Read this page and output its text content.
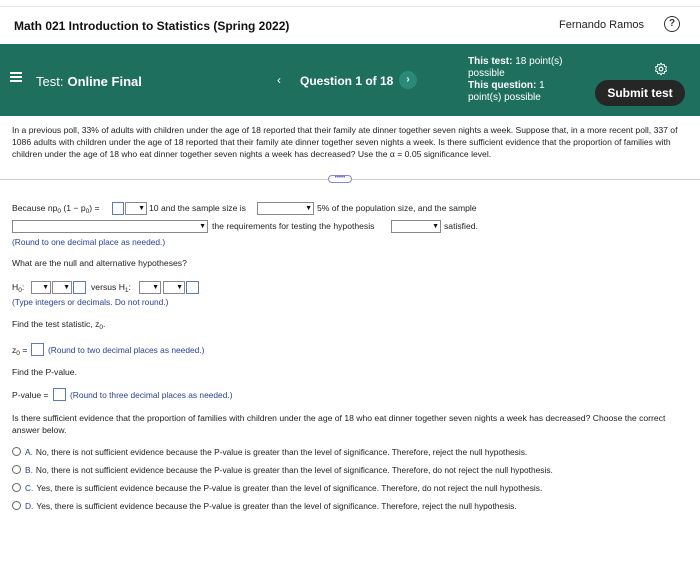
Math 021 Introduction to Statistics (Spring 2022)	Fernando Ramos	?
Test: Online Final	‹ Question 1 of 18	›
This test: 18 point(s)
possible
This question: 1
point(s) possible	Submit test
In a previous poll, 33% of adults with children under the age of 18 reported that their family ate dinner together seven nights a week. Suppose that, in a more recent poll, 337 of 1086 adults with children under the age of 18 reported that their family ate dinner together seven nights a week. Is there sufficient evidence that the proportion of families with children under the age of 18 who eat dinner together seven nights a week has decreased? Use the α = 0.05 significance level.
•••••
Because $np_0$ $(1 - p_0)$ =	▼ 10 and the sample size is	▼ 5% of the population size, and the sample
▼ the requirements for testing the hypothesis	▼ satisfied.
(Round to one decimal place as needed.)
What are the null and alternative hypotheses?
$H_0$:	▼ ▼ versus $H_1$:	▼ ▼
(Type integers or decimals. Do not round.)
Find the test statistic, $z_0$.
$z_0$ = (Round to two decimal places as needed.)
Find the P-value.
P-value =	(Round to three decimal places as needed.)
Is there sufficient evidence that the proportion of families with children under the age of 18 who eat dinner together seven nights a week has decreased? Choose the correct answer below.
A. No, there is not sufficient evidence because the P-value is greater than the level of significance. Therefore, reject the null hypothesis.
B. No, there is not sufficient evidence because the P-value is greater than the level of significance. Therefore, do not reject the null hypothesis.
C. Yes, there is sufficient evidence because the P-value is greater than the level of significance. Therefore, do not reject the null hypothesis.
D. Yes, there is sufficient evidence because the P-value is greater than the level of significance. Therefore, reject the null hypothesis.
